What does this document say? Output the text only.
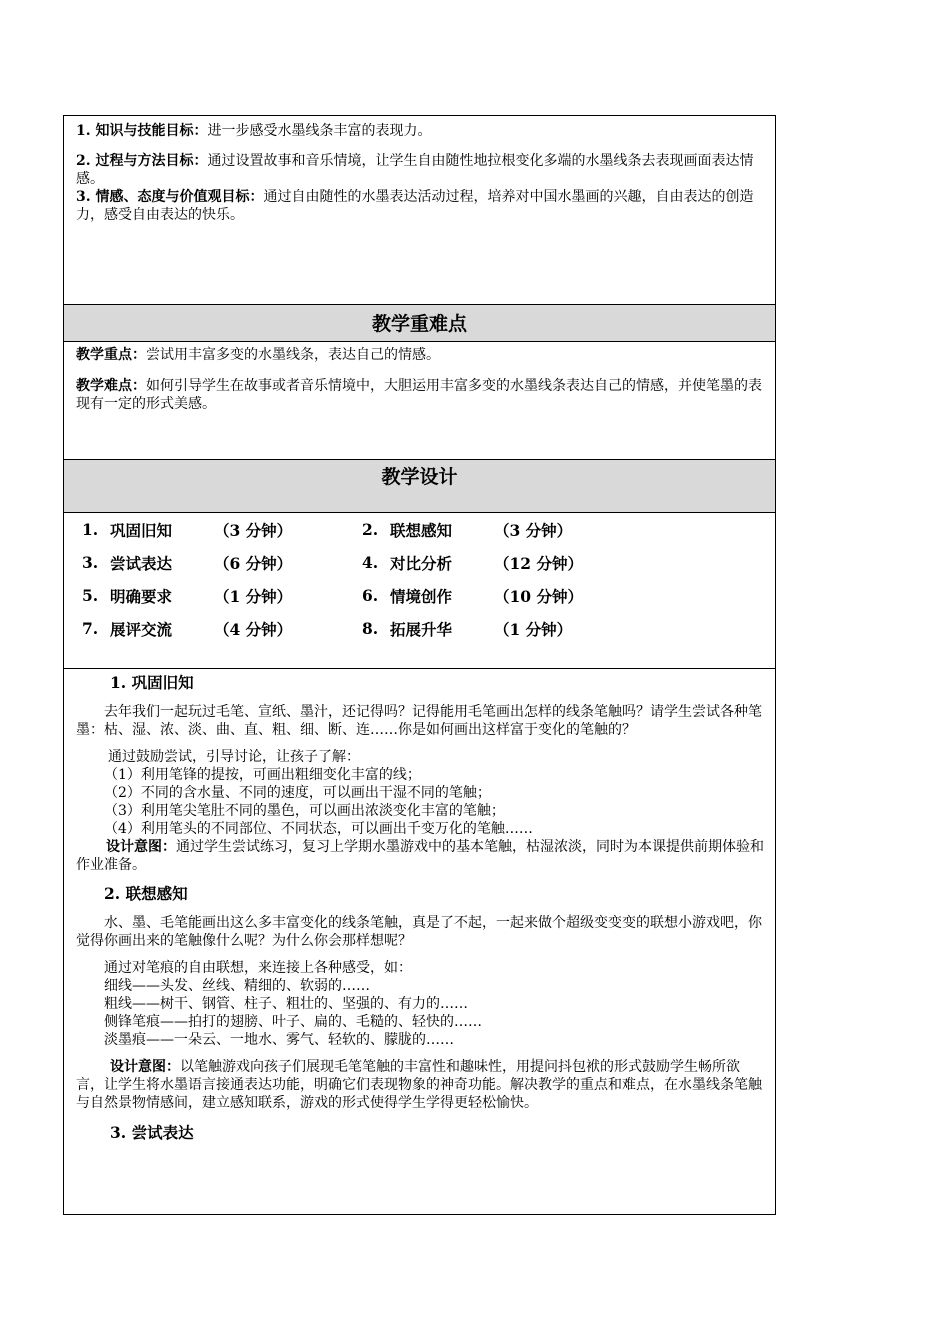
1. 知识与技能目标：进一步感受水墨线条丰富的表现力。

2. 过程与方法目标：通过设置故事和音乐情境，让学生自由随性地拉根变化多端的水墨线条去表现画面表达情感。

3. 情感、态度与价值观目标：通过自由随性的水墨表达活动过程，培养对中国水墨画的兴趣，自由表达的创造力，感受自由表达的快乐。

教学重难点

教学重点：尝试用丰富多变的水墨线条，表达自己的情感。

教学难点：如何引导学生在故事或者音乐情境中，大胆运用丰富多变的水墨线条表达自己的情感，并使笔墨的表现有一定的形式美感。

教学设计
1. 巩固旧知	（3 分钟）	2. 联想感知	（3 分钟）
3. 尝试表达	（6 分钟）	4. 对比分析	（12 分钟）
5. 明确要求	（1 分钟）	6. 情境创作	（10 分钟）
7. 展评交流	（4 分钟）	8. 拓展升华	（1 分钟）

1. 巩固旧知

去年我们一起玩过毛笔、宣纸、墨汁，还记得吗？记得能用毛笔画出怎样的线条笔触吗？请学生尝试各种笔墨：枯、湿、浓、淡、曲、直、粗、细、断、连……你是如何画出这样富于变化的笔触的？

通过鼓励尝试，引导讨论，让孩子了解：

（1）利用笔锋的提按，可画出粗细变化丰富的线；

（2）不同的含水量、不同的速度，可以画出干湿不同的笔触；

（3）利用笔尖笔肚不同的墨色，可以画出浓淡变化丰富的笔触；

（4）利用笔头的不同部位、不同状态，可以画出千变万化的笔触……

设计意图：通过学生尝试练习，复习上学期水墨游戏中的基本笔触，枯湿浓淡，同时为本课提供前期体验和作业准备。

2. 联想感知

水、墨、毛笔能画出这么多丰富变化的线条笔触，真是了不起，一起来做个超级变变变的联想小游戏吧，你觉得你画出来的笔触像什么呢？为什么你会那样想呢？

通过对笔痕的自由联想，来连接上各种感受，如：

细线——头发、丝线、精细的、软弱的……

粗线——树干、钢管、柱子、粗壮的、坚强的、有力的……

侧锋笔痕——拍打的翅膀、叶子、扁的、毛糙的、轻快的……

淡墨痕——一朵云、一地水、雾气、轻软的、朦胧的……

设计意图：以笔触游戏向孩子们展现毛笔笔触的丰富性和趣味性，用提问抖包袱的形式鼓励学生畅所欲言，让学生将水墨语言接通表达功能，明确它们表现物象的神奇功能。解决教学的重点和难点，在水墨线条笔触与自然景物情感间，建立感知联系，游戏的形式使得学生学得更轻松愉快。

3. 尝试表达
